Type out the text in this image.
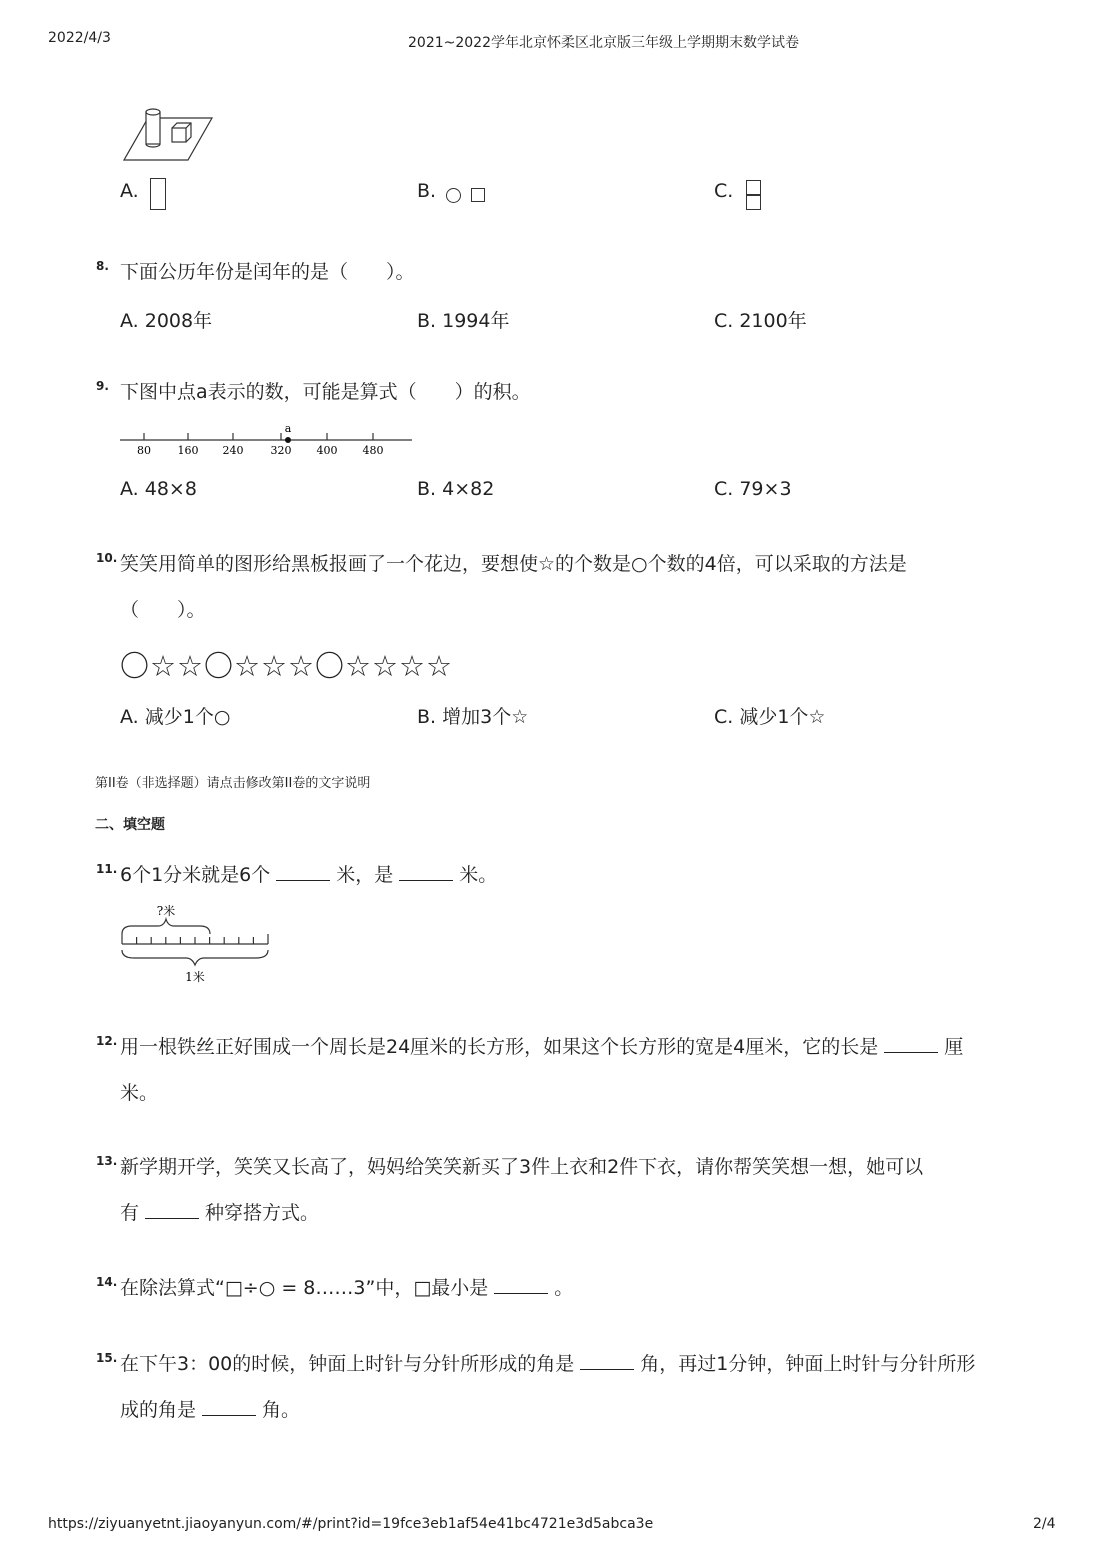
2022/4/3	2021~2022学年北京怀柔区北京版三年级上学期期末数学试卷
A.	B.	C.
8. 下面公历年份是闰年的是（　　）。
A. 2008年	B. 1994年	C. 2100年
9. 下图中点a表示的数，可能是算式（　　）的积。
a
80 160 240 320 400 480
A. 48×8	B. 4×82	C. 79×3
10. 笑笑用简单的图形给黑板报画了一个花边，要想使☆的个数是○个数的4倍，可以采取的方法是
（　　）。
〇☆☆〇☆☆☆〇☆☆☆☆
A. 减少1个○	B. 增加3个☆	C. 减少1个☆
第II卷（非选择题）请点击修改第II卷的文字说明
二、填空题
11. 6个1分米就是6个	米，是	米。
?米
1米
12. 用一根铁丝正好围成一个周长是24厘米的长方形，如果这个长方形的宽是4厘米，它的长是	厘
米。
13. 新学期开学，笑笑又长高了，妈妈给笑笑新买了3件上衣和2件下衣，请你帮笑笑想一想，她可以
有	种穿搭方式。
14. 在除法算式“□÷○ = 8……3”中，□最小是	。
15. 在下午3：00的时候，钟面上时针与分针所形成的角是	角，再过1分钟，钟面上时针与分针所形
成的角是	角。
https://ziyuanyetnt.jiaoyanyun.com/#/print?id=19fce3eb1af54e41bc4721e3d5abca3e	2/4
